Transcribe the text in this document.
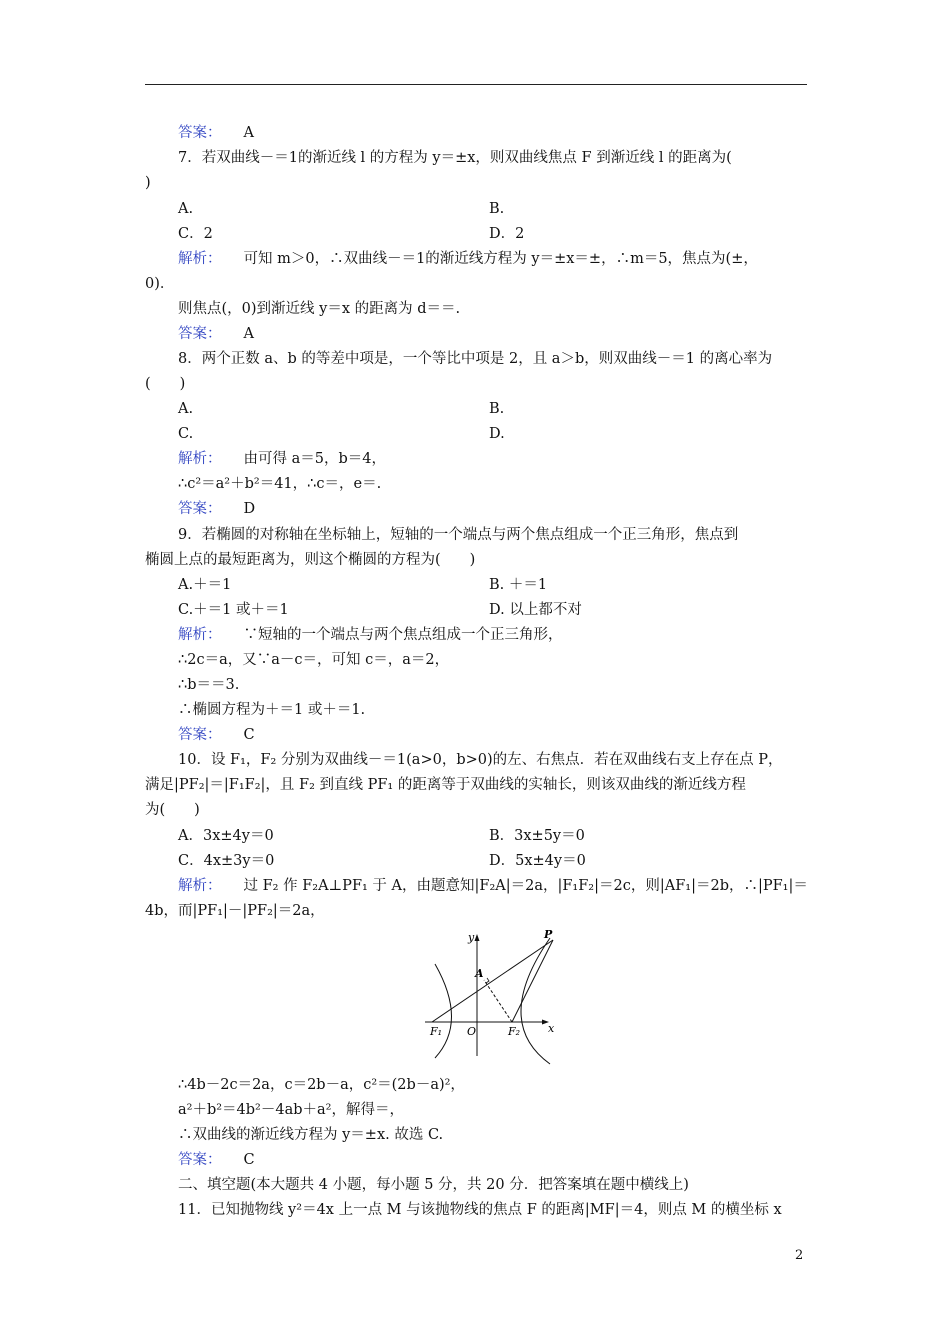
答案： A
7．若双曲线－＝1的渐近线 l 的方程为 y＝±x，则双曲线焦点 F 到渐近线 l 的距离为(
)
A.	B.
C．2	D．2
解析： 可知 m＞0，∴双曲线－＝1的渐近线方程为 y＝±x＝±，∴m＝5，焦点为(±，
0)．
则焦点(，0)到渐近线 y＝x 的距离为 d＝＝.
答案： A
8．两个正数 a、b 的等差中项是，一个等比中项是 2，且 a＞b，则双曲线－＝1 的离心率为
(　　)
A.	B.
C.	D.
解析： 由可得 a＝5，b＝4，
∴c²＝a²＋b²＝41，∴c＝，e＝.
答案： D
9．若椭圆的对称轴在坐标轴上，短轴的一个端点与两个焦点组成一个正三角形，焦点到
椭圆上点的最短距离为，则这个椭圆的方程为(　　)
A.＋＝1	B. ＋＝1
C.＋＝1 或＋＝1	D. 以上都不对
解析： ∵短轴的一个端点与两个焦点组成一个正三角形，
∴2c＝a，又∵a－c＝，可知 c＝，a＝2，
∴b＝＝3.
∴椭圆方程为＋＝1 或＋＝1.
答案： C
10．设 F₁，F₂ 分别为双曲线－＝1(a>0，b>0)的左、右焦点．若在双曲线右支上存在点 P，
满足|PF₂|＝|F₁F₂|，且 F₂ 到直线 PF₁ 的距离等于双曲线的实轴长，则该双曲线的渐近线方程
为(　　)
A．3x±4y＝0	B．3x±5y＝0
C．4x±3y＝0	D．5x±4y＝0
解析： 过 F₂ 作 F₂A⊥PF₁ 于 A，由题意知|F₂A|＝2a，|F₁F₂|＝2c，则|AF₁|＝2b，∴|PF₁|＝
4b，而|PF₁|－|PF₂|＝2a，
y
x
P
A
F₁ O	F₂
∴4b－2c＝2a，c＝2b－a，c²＝(2b－a)²，
a²＋b²＝4b²－4ab＋a²，解得＝，
∴双曲线的渐近线方程为 y＝±x. 故选 C.
答案： C
二、填空题(本大题共 4 小题，每小题 5 分，共 20 分．把答案填在题中横线上)
11．已知抛物线 y²＝4x 上一点 M 与该抛物线的焦点 F 的距离|MF|＝4，则点 M 的横坐标 x
2
